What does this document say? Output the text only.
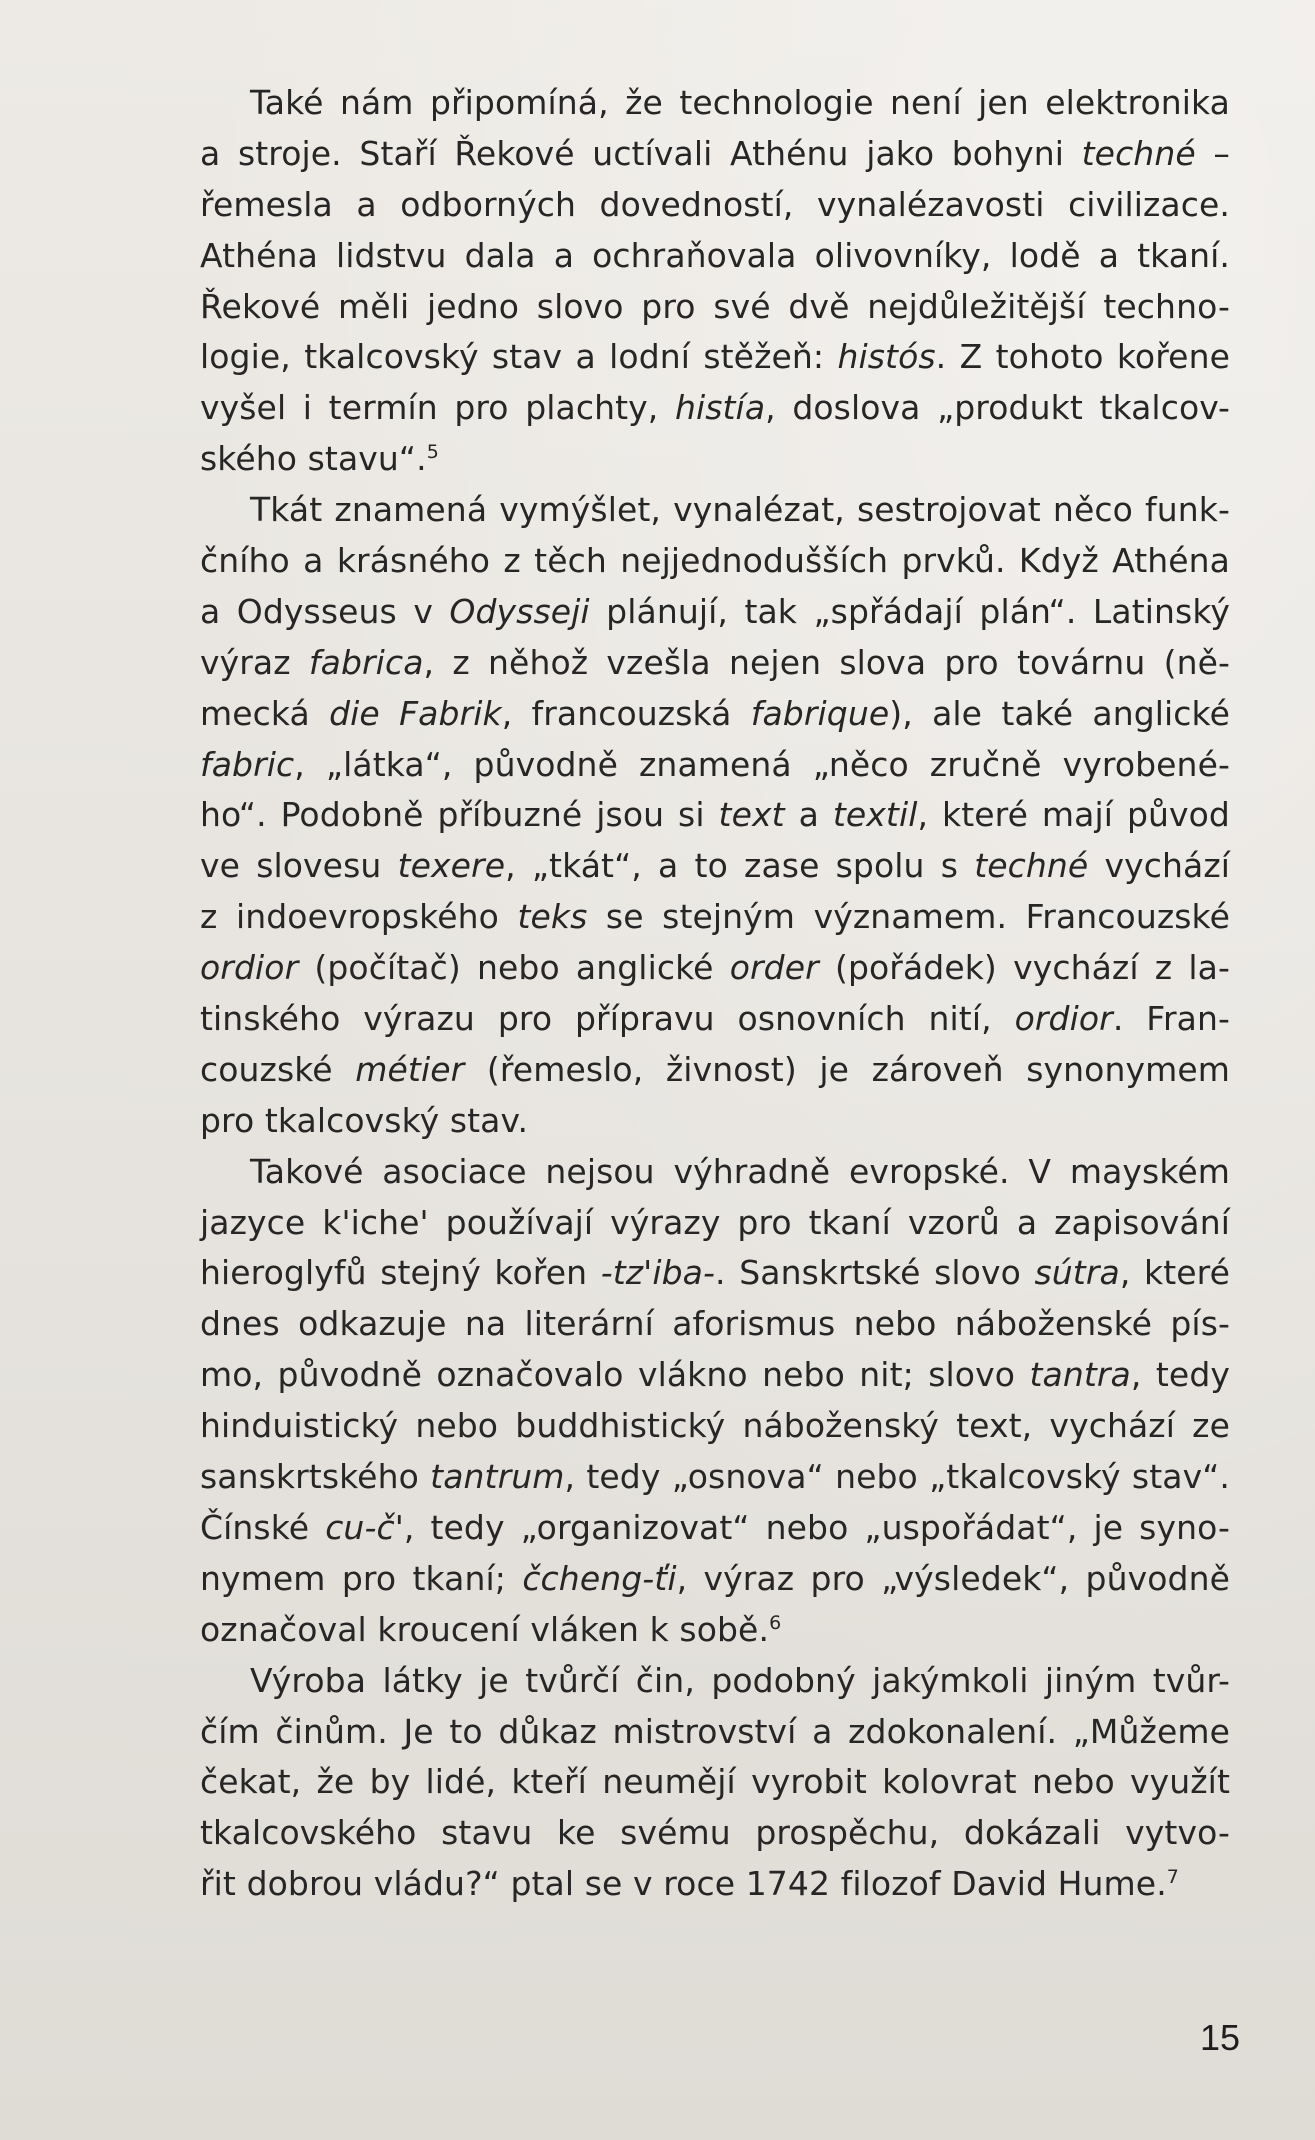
Také nám připomíná, že technologie není jen elektronika
a stroje. Staří Řekové uctívali Athénu jako bohyni techné –
řemesla a odborných dovedností, vynalézavosti civilizace.
Athéna lidstvu dala a ochraňovala olivovníky, lodě a tkaní.
Řekové měli jedno slovo pro své dvě nejdůležitější techno-
logie, tkalcovský stav a lodní stěžeň: histós. Z tohoto kořene
vyšel i termín pro plachty, histía, doslova „produkt tkalcov-
ského stavu“.$^5$
Tkát znamená vymýšlet, vynalézat, sestrojovat něco funk-
čního a krásného z těch nejjednodušších prvků. Když Athéna
a Odysseus v Odysseji plánují, tak „spřádají plán“. Latinský
výraz fabrica, z něhož vzešla nejen slova pro továrnu (ně-
mecká die Fabrik, francouzská fabrique), ale také anglické
fabric, „látka“, původně znamená „něco zručně vyrobené-
ho“. Podobně příbuzné jsou si text a textil, které mají původ
ve slovesu texere, „tkát“, a to zase spolu s techné vychází
z indoevropského teks se stejným významem. Francouzské
ordior (počítač) nebo anglické order (pořádek) vychází z la-
tinského výrazu pro přípravu osnovních nití, ordior. Fran-
couzské métier (řemeslo, živnost) je zároveň synonymem
pro tkalcovský stav.
Takové asociace nejsou výhradně evropské. V mayském
jazyce k'iche' používají výrazy pro tkaní vzorů a zapisování
hieroglyfů stejný kořen -tz'iba-. Sanskrtské slovo sútra, které
dnes odkazuje na literární aforismus nebo náboženské pís-
mo, původně označovalo vlákno nebo nit; slovo tantra, tedy
hinduistický nebo buddhistický náboženský text, vychází ze
sanskrtského tantrum, tedy „osnova“ nebo „tkalcovský stav“.
Čínské cu-č', tedy „organizovat“ nebo „uspořádat“, je syno-
nymem pro tkaní; čcheng-ťi, výraz pro „výsledek“, původně
označoval kroucení vláken k sobě.$^6$
Výroba látky je tvůrčí čin, podobný jakýmkoli jiným tvůr-
čím činům. Je to důkaz mistrovství a zdokonalení. „Můžeme
čekat, že by lidé, kteří neumějí vyrobit kolovrat nebo využít
tkalcovského stavu ke svému prospěchu, dokázali vytvo-
řit dobrou vládu?“ ptal se v roce 1742 filozof David Hume.$^7$
15
